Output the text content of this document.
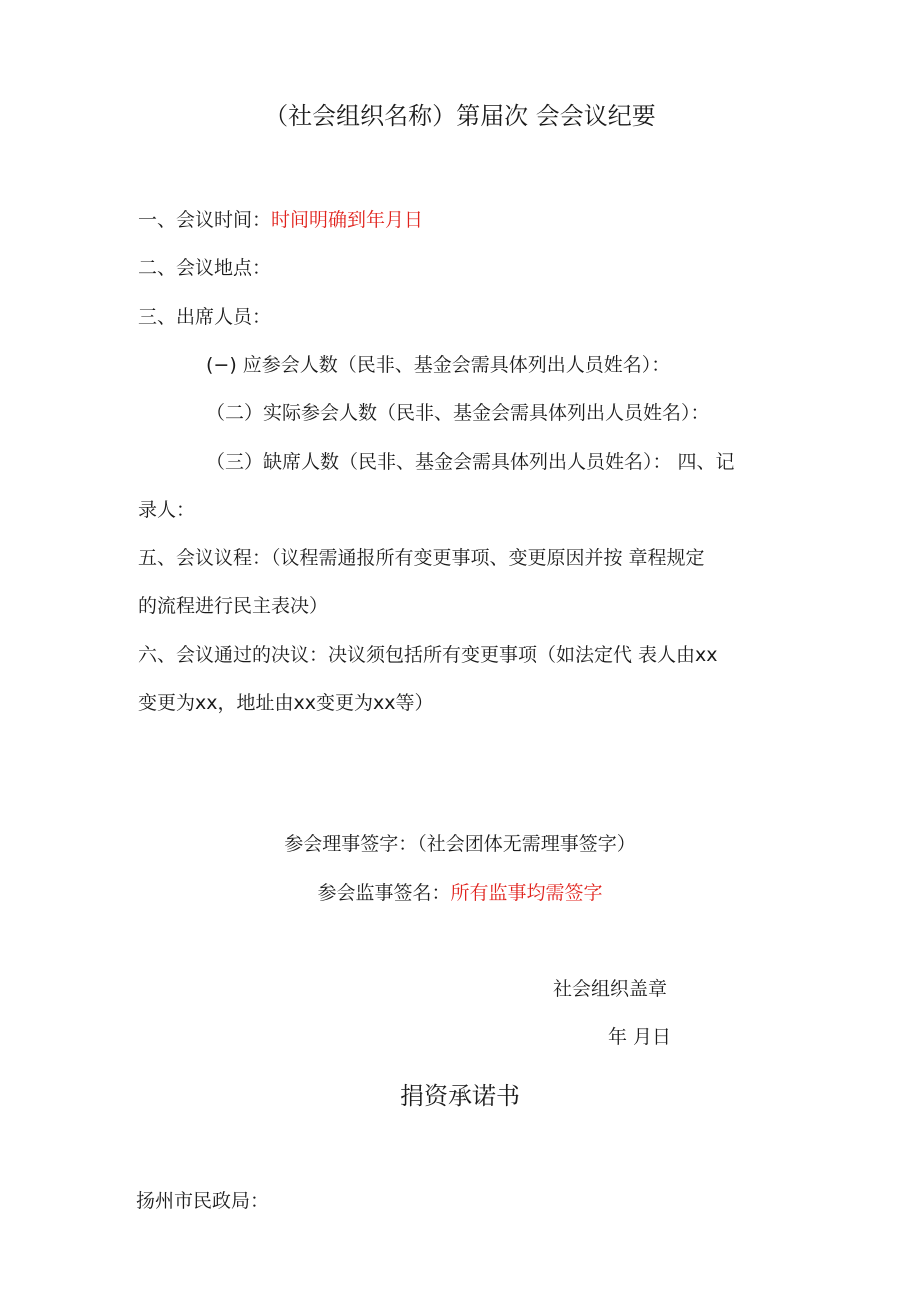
（社会组织名称）第届次 会会议纪要
一、会议时间：时间明确到年月日
二、会议地点：
三、出席人员：
(−) 应参会人数（民非、基金会需具体列出人员姓名）：
（二）实际参会人数（民非、基金会需具体列出人员姓名）：
（三）缺席人数（民非、基金会需具体列出人员姓名）： 四、记
录人：
五、会议议程：（议程需通报所有变更事项、变更原因并按 章程规定
的流程进行民主表决）
六、会议通过的决议：决议须包括所有变更事项（如法定代 表人由xx
变更为xx，地址由xx变更为xx等）
参会理事签字：（社会团体无需理事签字）
参会监事签名：所有监事均需签字
社会组织盖章
年 月日
捐资承诺书
扬州市民政局：
